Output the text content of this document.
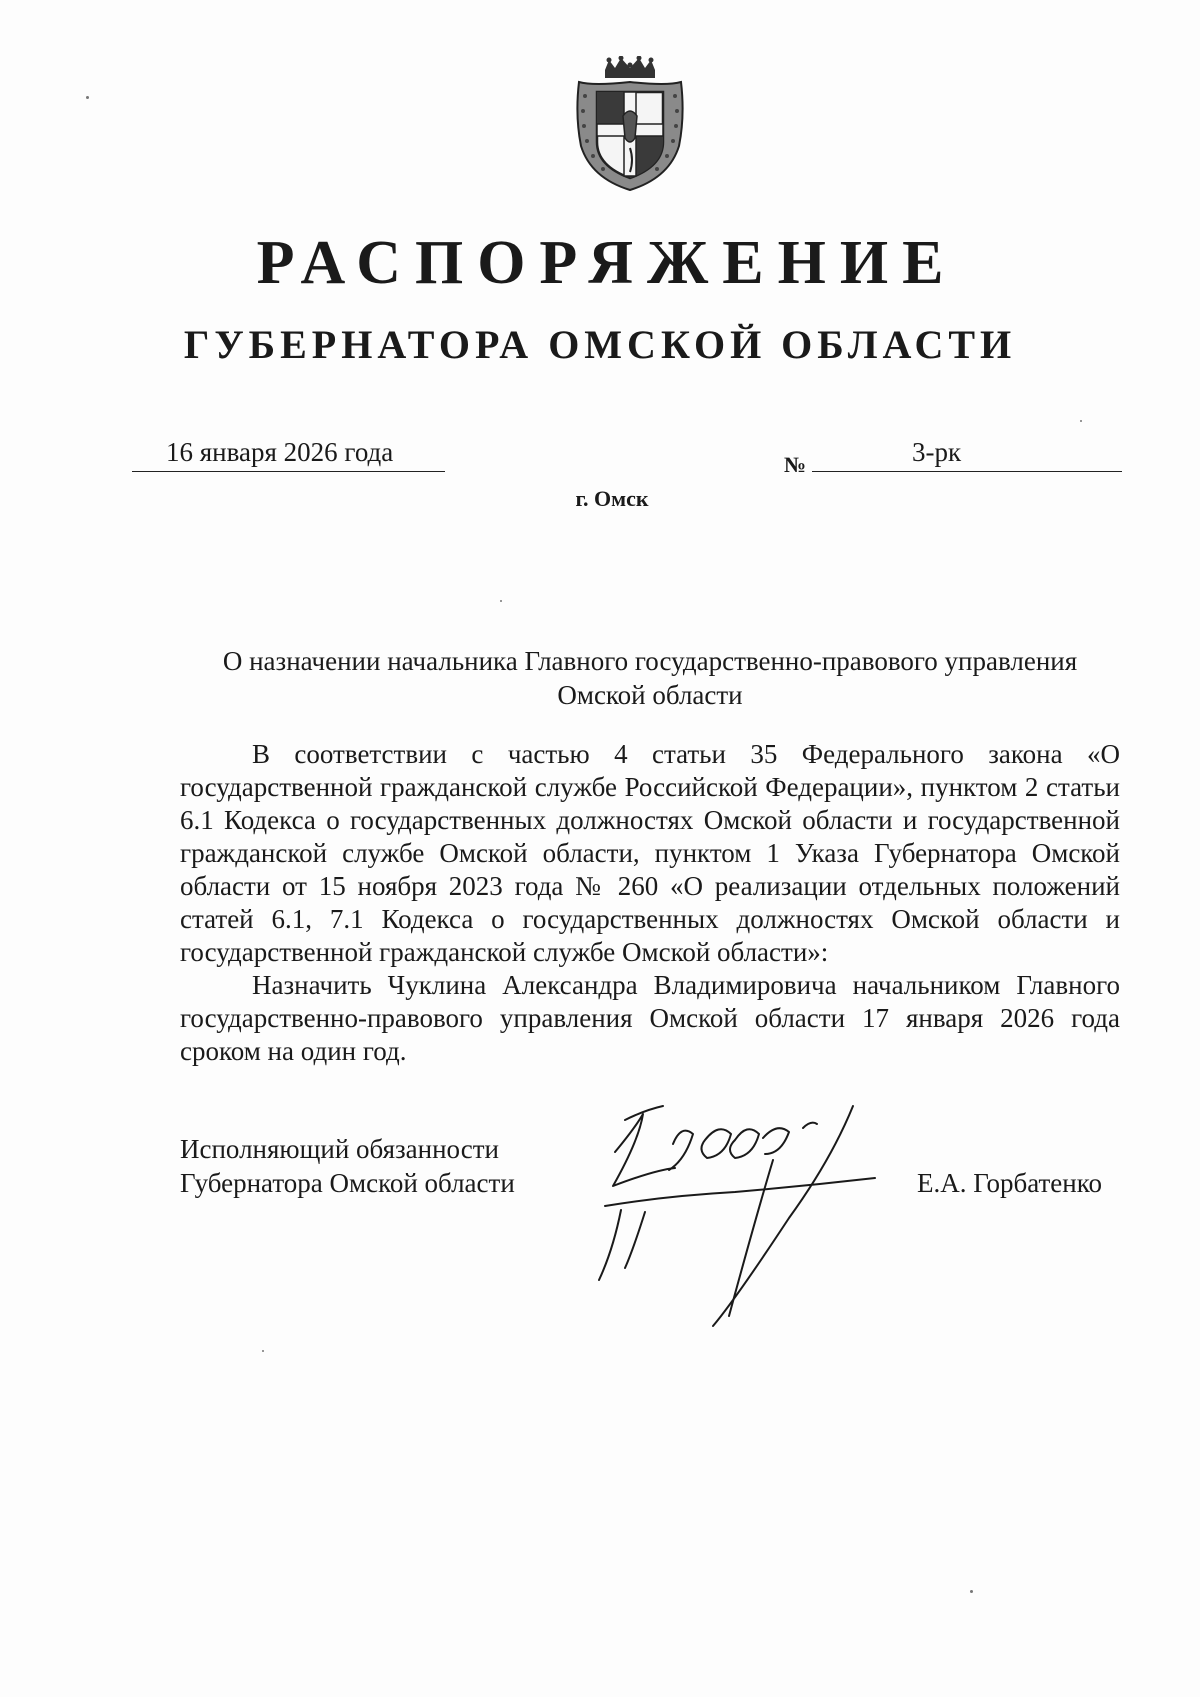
РАСПОРЯЖЕНИЕ
ГУБЕРНАТОРА ОМСКОЙ ОБЛАСТИ
16 января 2026 года	№	3-рк
г. Омск
О назначении начальника Главного государственно-правового управления Омской области

В соответствии с частью 4 статьи 35 Федерального закона «О государственной гражданской службе Российской Федерации», пунктом 2 статьи 6.1 Кодекса о государственных должностях Омской области и государственной гражданской службе Омской области, пунктом 1 Указа Губернатора Омской области от 15 ноября 2023 года № 260 «О реализации отдельных положений статей 6.1, 7.1 Кодекса о государственных должностях Омской области и государственной гражданской службе Омской области»:

Назначить Чуклина Александра Владимировича начальником Главного государственно-правового управления Омской области 17 января 2026 года сроком на один год.

Исполняющий обязанности
Губернатора Омской области	Е.А. Горбатенко
